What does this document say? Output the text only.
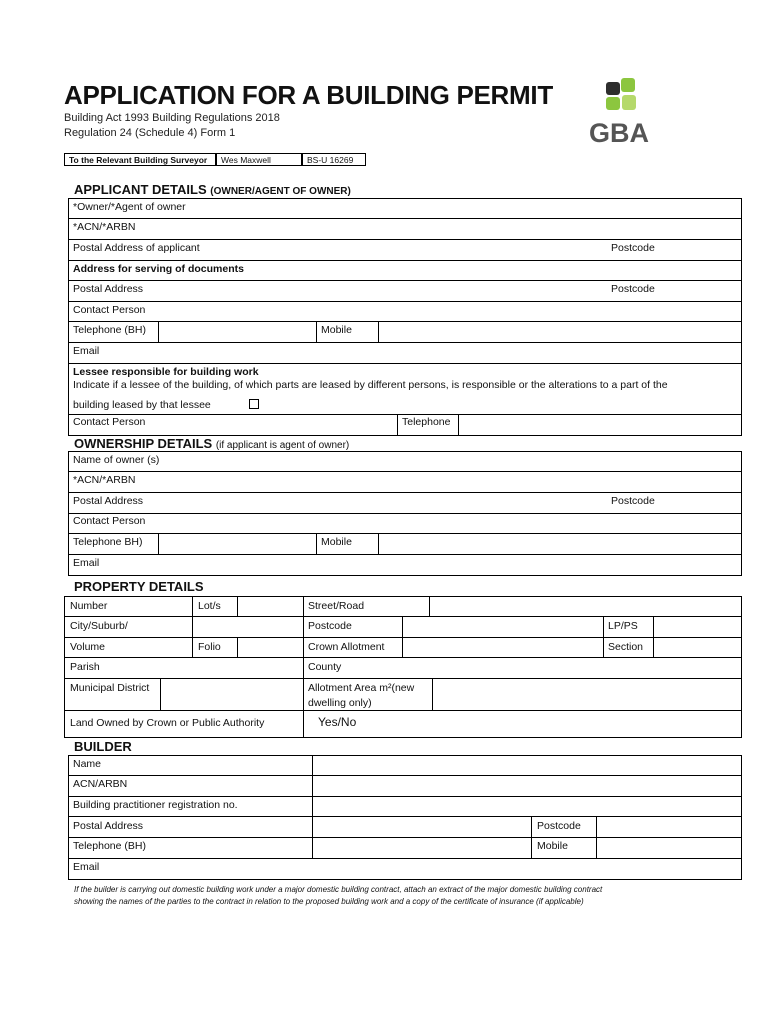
APPLICATION FOR A BUILDING PERMIT
Building Act 1993 Building Regulations 2018
Regulation 24 (Schedule 4) Form 1	GBA
To the Relevant Building Surveyor	Wes Maxwell	BS-U 16269
APPLICANT DETAILS (OWNER/AGENT OF OWNER)
*Owner/*Agent of owner
*ACN/*ARBN
Postal Address of applicant	Postcode
Address for serving of documents
Postal Address	Postcode
Contact Person
Telephone (BH)	Mobile
Email
Lessee responsible for building work
Indicate if a lessee of the building, of which parts are leased by different persons, is responsible or the alterations to a part of the
building leased by that lessee
Contact Person	Telephone
OWNERSHIP DETAILS (if applicant is agent of owner)
Name of owner (s)
*ACN/*ARBN
Postal Address	Postcode
Contact Person
Telephone BH)	Mobile
Email
PROPERTY DETAILS
Number	Lot/s	Street/Road
City/Suburb/	Postcode	LP/PS
Volume	Folio	Crown Allotment	Section
Parish	County
Municipal District	Allotment Area m²(new
dwelling only)
Land Owned by Crown or Public Authority	Yes/No
BUILDER
Name
ACN/ARBN
Building practitioner registration no.
Postal Address	Postcode
Telephone (BH)	Mobile
Email
If the builder is carrying out domestic building work under a major domestic building contract, attach an extract of the major domestic building contract showing the names of the parties to the contract in relation to the proposed building work and a copy of the certificate of insurance (if applicable)
